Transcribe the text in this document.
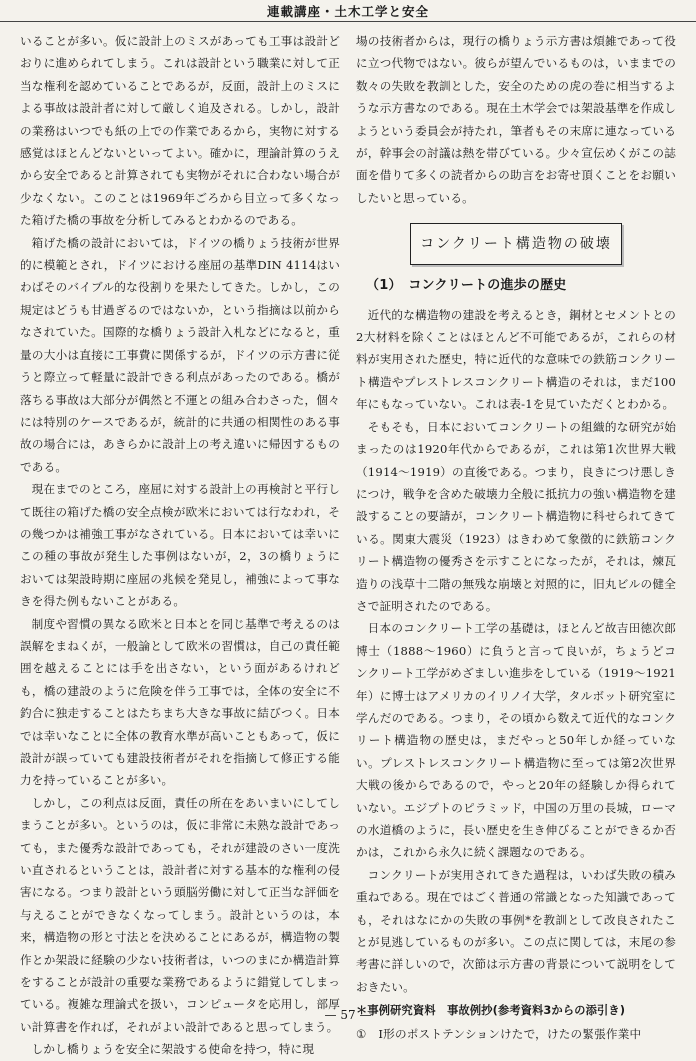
連載講座・土木工学と安全

いることが多い。仮に設計上のミスがあっても工事は設計どおりに進められてしまう。これは設計という職業に対して正当な権利を認めていることであるが，反面，設計上のミスによる事故は設計者に対して厳しく追及される。しかし，設計の業務はいつでも紙の上での作業であるから，実物に対する感覚はほとんどないといってよい。確かに，理論計算のうえから安全であると計算されても実物がそれに合わない場合が少なくない。このことは1969年ごろから目立って多くなった箱げた橋の事故を分析してみるとわかるのである。

箱げた橋の設計においては，ドイツの橋りょう技術が世界的に模範とされ，ドイツにおける座屈の基準DIN 4114はいわばそのバイブル的な役割りを果たしてきた。しかし，この規定はどうも甘過ぎるのではないか，という指摘は以前からなされていた。国際的な橋りょう設計入札などになると，重量の大小は直接に工事費に関係するが，ドイツの示方書に従うと際立って軽量に設計できる利点があったのである。橋が落ちる事故は大部分が偶然と不運との組み合わさった，個々には特別のケースであるが，統計的に共通の相関性のある事故の場合には，あきらかに設計上の考え違いに帰因するものである。

現在までのところ，座屈に対する設計上の再検討と平行して既往の箱げた橋の安全点検が欧米においては行なわれ，その幾つかは補強工事がなされている。日本においては幸いにこの種の事故が発生した事例はないが，2，3の橋りょうにおいては架設時期に座屈の兆候を発見し，補強によって事なきを得た例もないことがある。

制度や習慣の異なる欧米と日本とを同じ基準で考えるのは誤解をまねくが，一般論として欧米の習慣は，自己の責任範囲を越えることには手を出さない，という面があるけれども，橋の建設のように危険を伴う工事では，全体の安全に不釣合に独走することはたちまち大きな事故に結びつく。日本では幸いなことに全体の教育水準が高いこともあって，仮に設計が誤っていても建設技術者がそれを指摘して修正する能力を持っていることが多い。

しかし，この利点は反面，責任の所在をあいまいにしてしまうことが多い。というのは，仮に非常に未熟な設計であっても，また優秀な設計であっても，それが建設のさい一度洗い直されるということは，設計者に対する基本的な権利の侵害になる。つまり設計という頭脳労働に対して正当な評価を与えることができなくなってしまう。設計というのは，本来，構造物の形と寸法とを決めることにあるが，構造物の製作とか架設に経験の少ない技術者は，いつのまにか構造計算をすることが設計の重要な業務であるように錯覚してしまっている。複雑な理論式を扱い，コンピュータを応用し，部厚い計算書を作れば，それがよい設計であると思ってしまう。

しかし橋りょうを安全に架設する使命を持つ，特に現

場の技術者からは，現行の橋りょう示方書は煩雑であって役に立つ代物ではない。彼らが望んでいるものは，いままでの数々の失敗を教訓とした，安全のための虎の巻に相当するような示方書なのである。現在土木学会では架設基準を作成しようという委員会が持たれ，筆者もその末席に連なっているが，幹事会の討議は熱を帯びている。少々宣伝めくがこの誌面を借りて多くの読者からの助言をお寄せ頂くことをお願いしたいと思っている。

コンクリート構造物の破壊
（1）　コンクリートの進歩の歴史

近代的な構造物の建設を考えるとき，鋼材とセメントとの2大材料を除くことはほとんど不可能であるが，これらの材料が実用された歴史，特に近代的な意味での鉄筋コンクリート構造やプレストレスコンクリート構造のそれは，まだ100年にもなっていない。これは表-1を見ていただくとわかる。

そもそも，日本においてコンクリートの組織的な研究が始まったのは1920年代からであるが，これは第1次世界大戦（1914〜1919）の直後である。つまり，良きにつけ悪しきにつけ，戦争を含めた破壊力全般に抵抗力の強い構造物を建設することの要請が，コンクリート構造物に科せられてきている。関東大震災（1923）はきわめて象徴的に鉄筋コンクリート構造物の優秀さを示すことになったが，それは，煉瓦造りの浅草十二階の無残な崩壊と対照的に，旧丸ビルの健全さで証明されたのである。

日本のコンクリート工学の基礎は，ほとんど故吉田徳次郎博士（1888〜1960）に負うと言って良いが，ちょうどコンクリート工学がめざましい進歩をしている（1919〜1921年）に博士はアメリカのイリノイ大学，タルボット研究室に学んだのである。つまり，その頃から数えて近代的なコンクリート構造物の歴史は，まだやっと50年しか経っていない。プレストレスコンクリート構造物に至っては第2次世界大戦の後からであるので，やっと20年の経験しか得られていない。エジプトのピラミッド，中国の万里の長城，ローマの水道橋のように，長い歴史を生き伸びることができるか否かは，これから永久に続く課題なのである。

コンクリートが実用されてきた過程は，いわば失敗の積み重ねである。現在ではごく普通の常識となった知識であっても，それはなにかの失敗の事例*を教訓として改良されたことが見逃しているものが多い。この点に関しては，末尾の参考書に詳しいので，次節は示方書の背景について説明をしておきたい。

＊事例研究資料　事故例抄(参考資料3からの添引き)
①　I形のポストテンションけたで，けたの緊張作業中
— 57 —
